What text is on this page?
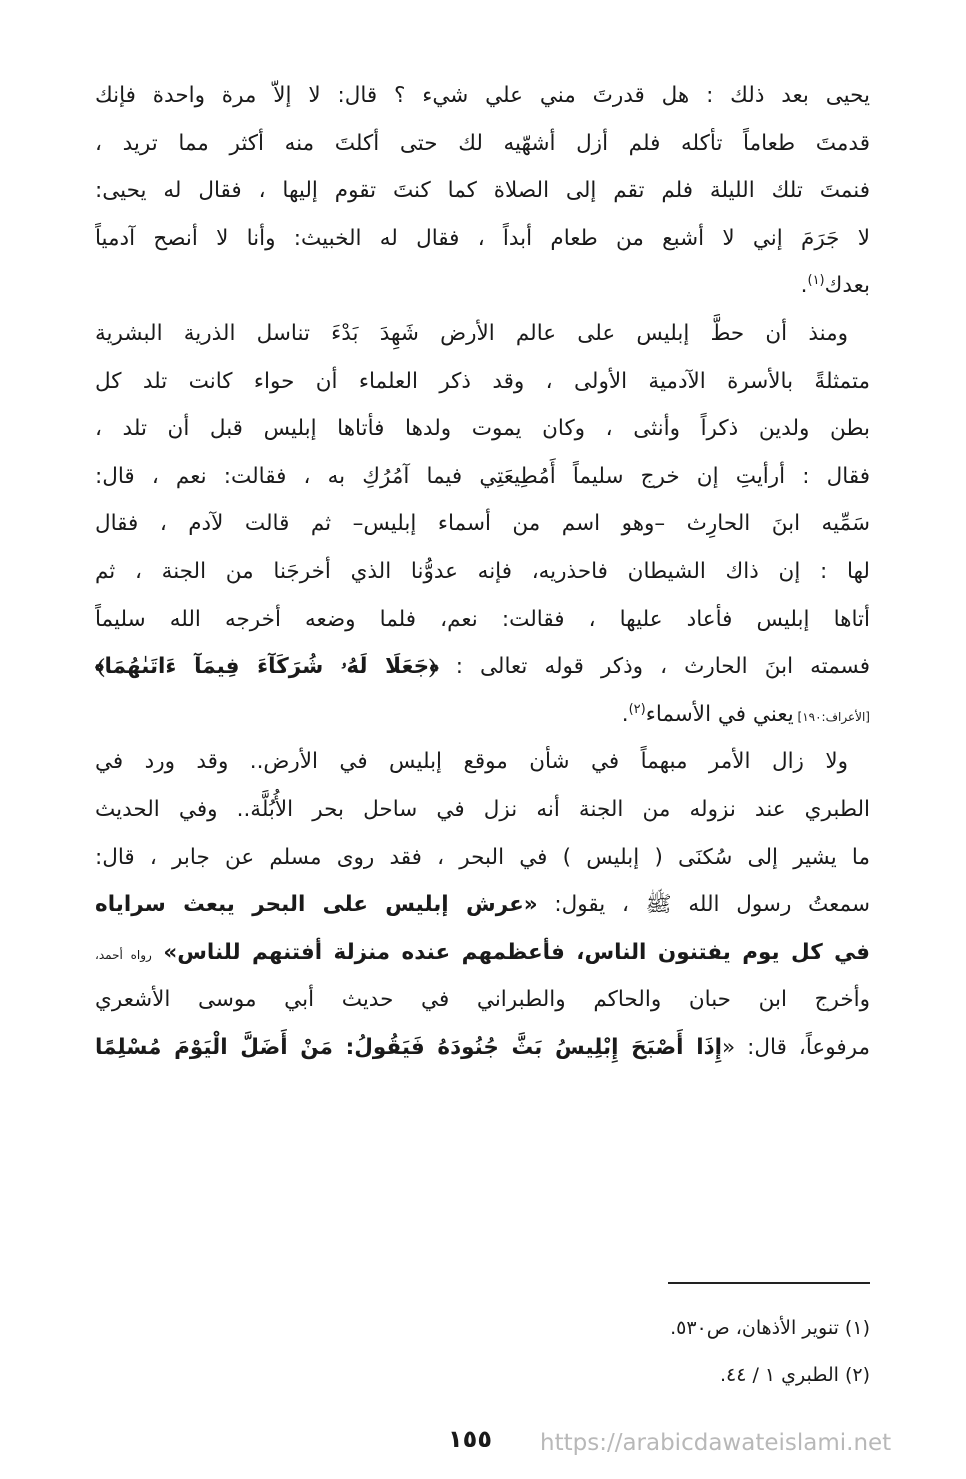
يحيى بعد ذلك : هل قدرتَ مني علي شيء ؟ قال: لا إلاّ مرة واحدة فإنك
قدمتَ طعاماً تأكله فلم أزل أشهّيه لك حتى أكلتَ منه أكثر مما تريد ،
فنمتَ تلك الليلة فلم تقم إلى الصلاة كما كنتَ تقوم إليها ، فقال له يحيى:
لا جَرَمَ إني لا أشبع من طعام أبداً ، فقال له الخبيث: وأنا لا أنصح آدمياً
بعدك$^{(١)}$.
ومنذ أن حطَّ إبليس على عالم الأرض شَهِدَ بَدْءَ تناسل الذرية البشرية
متمثلةً بالأسرة الآدمية الأولى ، وقد ذكر العلماء أن حواء كانت تلد كل
بطن ولدين ذكراً وأنثى ، وكان يموت ولدها فأتاها إبليس قبل أن تلد ،
فقال : أرأيتِ إن خرج سليماً أَمُطِيعَتِي فيما آمُرُكِ به ، فقالت: نعم ، قال:
سَمِّيه ابنَ الحارِث –وهو اسم من أسماء إبليس– ثم قالت لآدم ، فقال
لها : إن ذاك الشيطان فاحذريه، فإنه عدوُّنا الذي أخرجَنا من الجنة ، ثم
أتاها إبليس فأعاد عليها ، فقالت: نعم، فلما وضعه أخرجه الله سليماً
فسمته ابنَ الحارث ، وذكر قوله تعالى : ﴿جَعَلَا لَهُۥ شُرَكَآءَ فِيمَآ ءَاتَىٰهُمَا﴾
[الأعراف:١٩٠] يعني في الأسماء$^{(٢)}$.
ولا زال الأمر مبهماً في شأن موقع إبليس في الأرض.. وقد ورد في
الطبري عند نزوله من الجنة أنه نزل في ساحل بحر الأُبُلَّة.. وفي الحديث
ما يشير إلى سُكنَى ( إبليس ) في البحر ، فقد روى مسلم عن جابر ، قال:
سمعتُ رسول الله ﷺ ، يقول: «عرش إبليس على البحر يبعث سراياه
في كل يوم يفتنون الناس، فأعظمهم عنده منزلة أفتنهم للناس» رواه أحمد،
وأخرج ابن حبان والحاكم والطبراني في حديث أبي موسى الأشعري
مرفوعاً، قال: «إِذَا أَصْبَحَ إِبْلِيسُ بَثَّ جُنُودَهُ فَيَقُولُ: مَنْ أَضَلَّ الْيَوْمَ مُسْلِمًا
(١) تنوير الأذهان، ص٥٣٠.
(٢) الطبري ١ / ٤٤.
١٥٥	https://arabicdawateislami.net
